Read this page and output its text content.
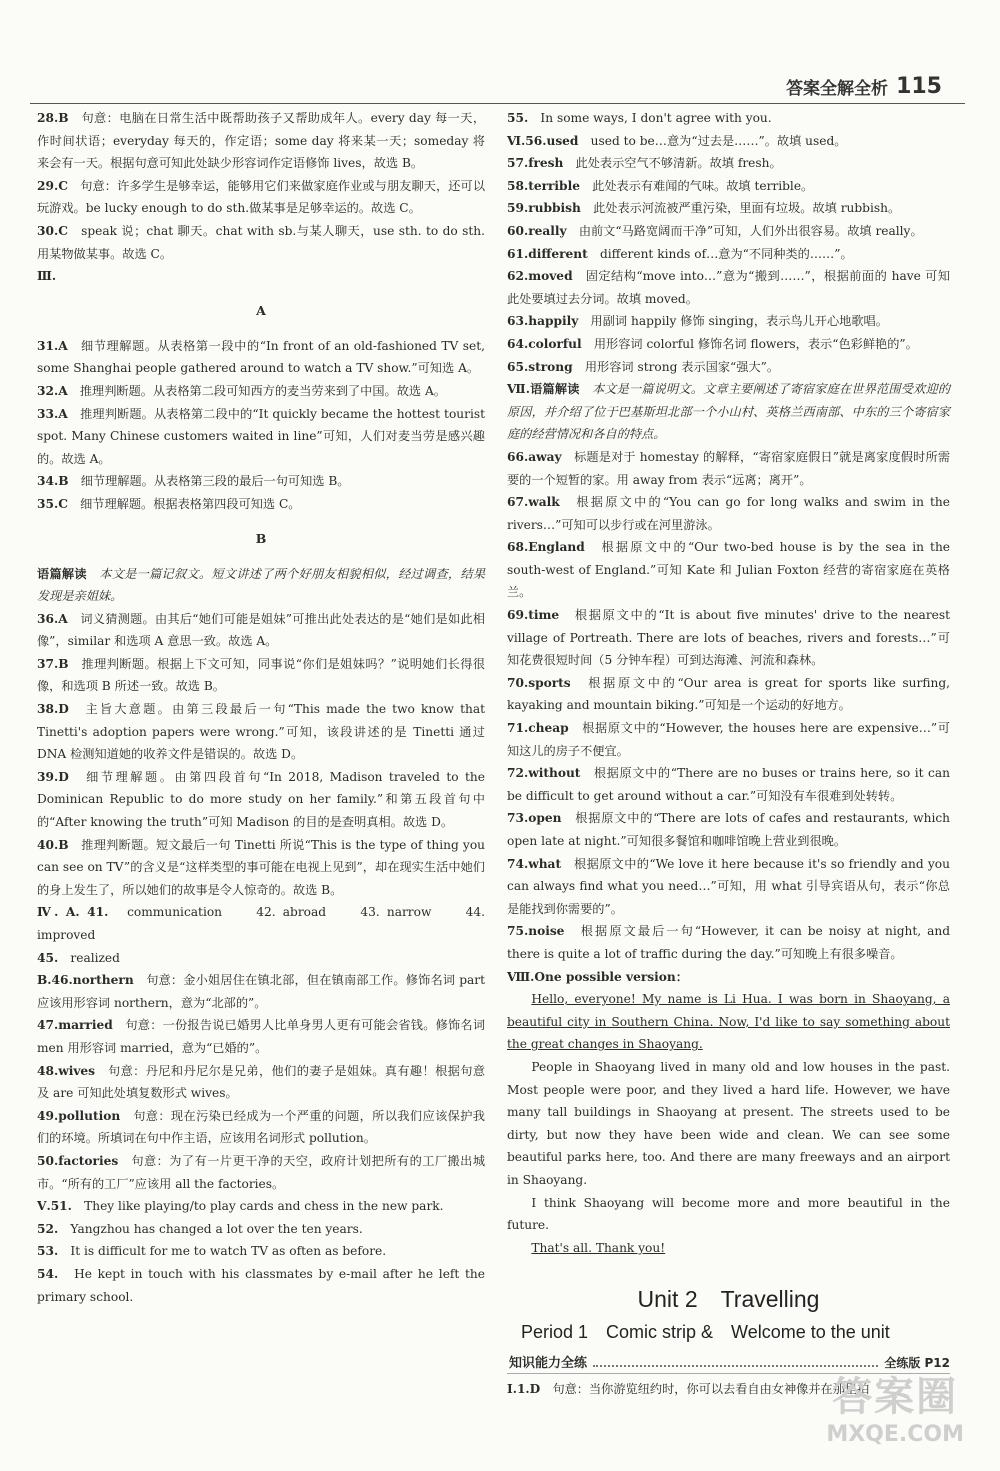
答案全解全析 115

28.B　 句意：电脑在日常生活中既帮助孩子又帮助成年人。every day 每一天，作时间状语；everyday 每天的，作定语；some day 将来某一天；someday 将来会有一天。根据句意可知此处缺少形容词作定语修饰 lives，故选 B。

29.C　 句意：许多学生是够幸运，能够用它们来做家庭作业或与朋友聊天，还可以玩游戏。be lucky enough to do sth.做某事是足够幸运的。故选 C。

30.C　 speak 说；chat 聊天。chat with sb.与某人聊天，use sth. to do sth. 用某物做某事。故选 C。

Ⅲ.

A

31.A　 细节理解题。从表格第一段中的“In front of an old-fashioned TV set, some Shanghai people gathered around to watch a TV show.”可知选 A。

32.A　 推理判断题。从表格第二段可知西方的麦当劳来到了中国。故选 A。

33.A　 推理判断题。从表格第二段中的“It quickly became the hottest tourist spot. Many Chinese customers waited in line”可知，人们对麦当劳是感兴趣的。故选 A。

34.B　 细节理解题。从表格第三段的最后一句可知选 B。

35.C　 细节理解题。根据表格第四段可知选 C。

B

语篇解读　 本文是一篇记叙文。短文讲述了两个好朋友相貌相似，经过调查，结果发现是亲姐妹。

36.A　 词义猜测题。由其后“她们可能是姐妹”可推出此处表达的是“她们是如此相像”，similar 和选项 A 意思一致。故选 A。

37.B　 推理判断题。根据上下文可知，同事说“你们是姐妹吗？”说明她们长得很像，和选项 B 所述一致。故选 B。

38.D　 主旨大意题。由第三段最后一句“This made the two know that Tinetti's adoption papers were wrong.”可知，该段讲述的是 Tinetti 通过 DNA 检测知道她的收养文件是错误的。故选 D。

39.D　 细节理解题。由第四段首句“In 2018, Madison traveled to the Dominican Republic to do more study on her family.”和第五段首句中的“After knowing the truth”可知 Madison 的目的是查明真相。故选 D。

40.B　 推理判断题。短文最后一句 Tinetti 所说“This is the type of thing you can see on TV”的含义是“这样类型的事可能在电视上见到”，却在现实生活中她们的身上发生了，所以她们的故事是令人惊奇的。故选 B。

Ⅳ. A. 41.　 communication　　42. abroad　　43. narrow　　44. improved

45.　 realized

B.46.northern　 句意：金小姐居住在镇北部，但在镇南部工作。修饰名词 part 应该用形容词 northern，意为“北部的”。

47.married　 句意：一份报告说已婚男人比单身男人更有可能会省钱。修饰名词 men 用形容词 married，意为“已婚的”。

48.wives　 句意：丹尼和丹尼尔是兄弟，他们的妻子是姐妹。真有趣！根据句意及 are 可知此处填复数形式 wives。

49.pollution　 句意：现在污染已经成为一个严重的问题，所以我们应该保护我们的环境。所填词在句中作主语，应该用名词形式 pollution。

50.factories　 句意：为了有一片更干净的天空，政府计划把所有的工厂搬出城市。“所有的工厂”应该用 all the factories。

Ⅴ.51.　 They like playing/to play cards and chess in the new park.

52.　 Yangzhou has changed a lot over the ten years.

53.　 It is difficult for me to watch TV as often as before.

54.　 He kept in touch with his classmates by e-mail after he left the primary school.

55.　 In some ways, I don't agree with you.

Ⅵ.56.used　 used to be…意为“过去是……”。故填 used。

57.fresh　 此处表示空气不够清新。故填 fresh。

58.terrible　 此处表示有难闻的气味。故填 terrible。

59.rubbish　 此处表示河流被严重污染，里面有垃圾。故填 rubbish。

60.really　 由前文“马路宽阔而干净”可知，人们外出很容易。故填 really。

61.different　 different kinds of…意为“不同种类的……”。

62.moved　 固定结构“move into…”意为“搬到……”，根据前面的 have 可知此处要填过去分词。故填 moved。

63.happily　 用副词 happily 修饰 singing，表示鸟儿开心地歌唱。

64.colorful　 用形容词 colorful 修饰名词 flowers，表示“色彩鲜艳的”。

65.strong　 用形容词 strong 表示国家“强大”。

Ⅶ.语篇解读　 本文是一篇说明文。文章主要阐述了寄宿家庭在世界范围受欢迎的原因，并介绍了位于巴基斯坦北部一个小山村、英格兰西南部、中东的三个寄宿家庭的经营情况和各自的特点。

66.away　 标题是对于 homestay 的解释，“寄宿家庭假日”就是离家度假时所需要的一个短暂的家。用 away from 表示“远离；离开”。

67.walk　 根据原文中的“You can go for long walks and swim in the rivers…”可知可以步行或在河里游泳。

68.England　 根据原文中的“Our two-bed house is by the sea in the south-west of England.”可知 Kate 和 Julian Foxton 经营的寄宿家庭在英格兰。

69.time　 根据原文中的“It is about five minutes' drive to the nearest village of Portreath. There are lots of beaches, rivers and forests…”可知花费很短时间（5 分钟车程）可到达海滩、河流和森林。

70.sports　 根据原文中的“Our area is great for sports like surfing, kayaking and mountain biking.”可知是一个运动的好地方。

71.cheap　 根据原文中的“However, the houses here are expensive…”可知这儿的房子不便宜。

72.without　 根据原文中的“There are no buses or trains here, so it can be difficult to get around without a car.”可知没有车很难到处转转。

73.open　 根据原文中的“There are lots of cafes and restaurants, which open late at night.”可知很多餐馆和咖啡馆晚上营业到很晚。

74.what　 根据原文中的“We love it here because it's so friendly and you can always find what you need…”可知，用 what 引导宾语从句，表示“你总是能找到你需要的”。

75.noise　 根据原文最后一句“However, it can be noisy at night, and there is quite a lot of traffic during the day.”可知晚上有很多噪音。

Ⅷ.One possible version：

Hello, everyone! My name is Li Hua. I was born in Shaoyang, a beautiful city in Southern China. Now, I'd like to say something about the great changes in Shaoyang.

People in Shaoyang lived in many old and low houses in the past. Most people were poor, and they lived a hard life. However, we have many tall buildings in Shaoyang at present. The streets used to be dirty, but now they have been wide and clean. We can see some beautiful parks here, too. And there are many freeways and an airport in Shaoyang.

I think Shaoyang will become more and more beautiful in the future.

That's all. Thank you!

Unit 2　Travelling
Period 1　Comic strip &　Welcome to the unit
知识能力全练	全练版 P12

Ⅰ.1.D　 句意：当你游览纽约时，你可以去看自由女神像并在那里拍

答案圈
MXQE.COM
